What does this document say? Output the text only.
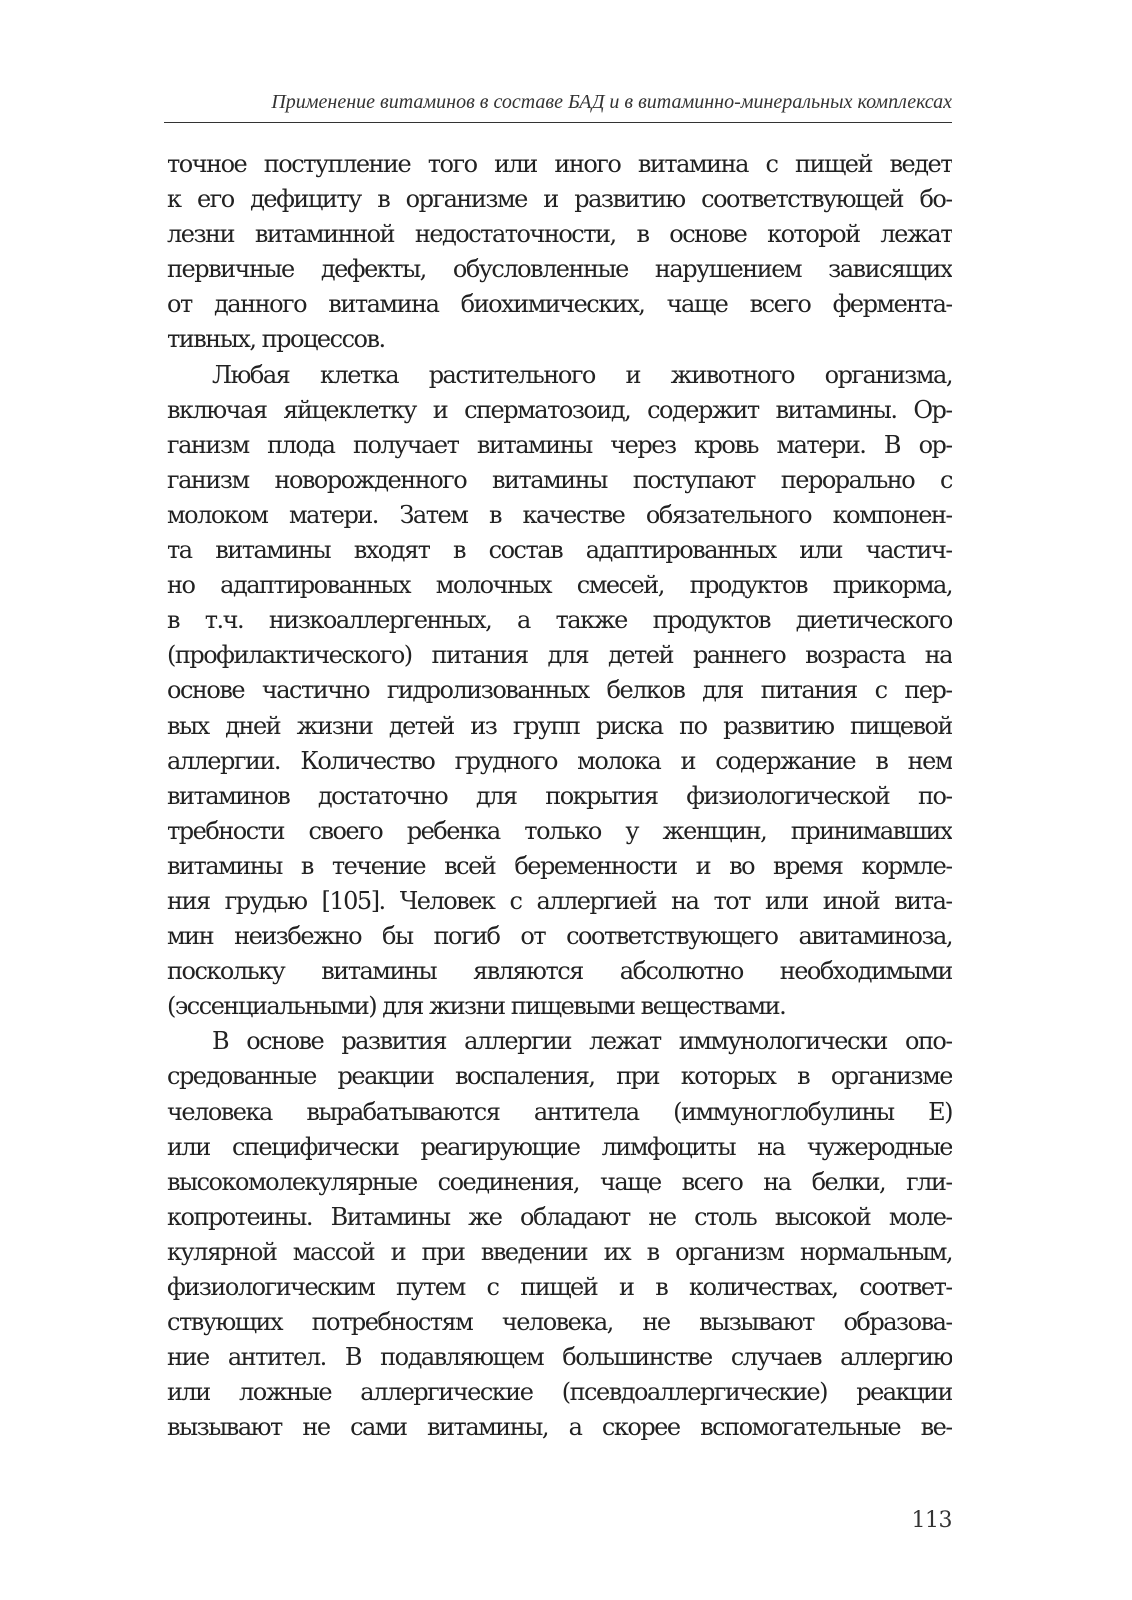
Применение витаминов в составе БАД и в витаминно-минеральных комплексах
точное поступление того или иного витамина с пищей ведет
к его дефициту в организме и развитию соответствующей бо-
лезни витаминной недостаточности, в основе которой лежат
первичные дефекты, обусловленные нарушением зависящих
от данного витамина биохимических, чаще всего фермента-
тивных, процессов.
Любая клетка растительного и животного организма,
включая яйцеклетку и сперматозоид, содержит витамины. Ор-
ганизм плода получает витамины через кровь матери. В ор-
ганизм новорожденного витамины поступают перорально с
молоком матери. Затем в качестве обязательного компонен-
та витамины входят в состав адаптированных или частич-
но адаптированных молочных смесей, продуктов прикорма,
в т.ч. низкоаллергенных, а также продуктов диетического
(профилактического) питания для детей раннего возраста на
основе частично гидролизованных белков для питания с пер-
вых дней жизни детей из групп риска по развитию пищевой
аллергии. Количество грудного молока и содержание в нем
витаминов достаточно для покрытия физиологической по-
требности своего ребенка только у женщин, принимавших
витамины в течение всей беременности и во время кормле-
ния грудью [105]. Человек с аллергией на тот или иной вита-
мин неизбежно бы погиб от соответствующего авитаминоза,
поскольку витамины являются абсолютно необходимыми
(эссенциальными) для жизни пищевыми веществами.
В основе развития аллергии лежат иммунологически опо-
средованные реакции воспаления, при которых в организме
человека вырабатываются антитела (иммуноглобулины Е)
или специфически реагирующие лимфоциты на чужеродные
высокомолекулярные соединения, чаще всего на белки, гли-
копротеины. Витамины же обладают не столь высокой моле-
кулярной массой и при введении их в организм нормальным,
физиологическим путем с пищей и в количествах, соответ-
ствующих потребностям человека, не вызывают образова-
ние антител. В подавляющем большинстве случаев аллергию
или ложные аллергические (псевдоаллергические) реакции
вызывают не сами витамины, а скорее вспомогательные ве-
113
